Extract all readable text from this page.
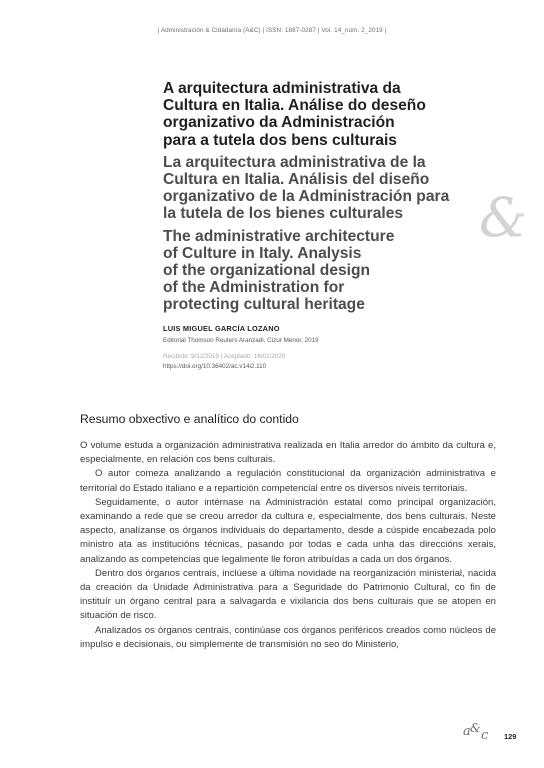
| Administración & Cidadanía (A&C) | ISSN: 1887-0287 | Vol. 14_núm. 2_2019 |
&
A arquitectura administrativa da
Cultura en Italia. Análise do deseño
organizativo da Administración
para a tutela dos bens culturais
La arquitectura administrativa de la
Cultura en Italia. Análisis del diseño
organizativo de la Administración para
la tutela de los bienes culturales
The administrative architecture
of Culture in Italy. Analysis
of the organizational design
of the Administration for
protecting cultural heritage

LUIS MIGUEL GARCÍA LOZANO

Editorial Thomson Reuters Aranzadi, Cizur Menor, 2019

Recibido: 9/12/2019 | Aceptado: 16/01/2020

https://doi.org/10.36402/ac.v14i2.110

Resumo obxectivo e analítico do contido

O volume estuda a organización administrativa realizada en Italia arredor do ámbito da cultura e, especialmente, en relación cos bens culturais.

O autor comeza analizando a regulación constitucional da organización administrativa e territorial do Estado italiano e a repartición competencial entre os diversos niveis territoriais.

Seguidamente, o autor intérnase na Administración estatal como principal organización, examinando a rede que se creou arredor da cultura e, especialmente, dos bens culturais. Neste aspecto, analízanse os órganos individuais do departamento, desde a cúspide encabezada polo ministro ata as institucións técnicas, pasando por todas e cada unha das direccións xerais, analizando as competencias que legalmente lle foron atribuídas a cada un dos órganos.

Dentro dos órganos centrais, inclúese a última novidade na reorganización ministerial, nacida da creación da Unidade Administrativa para a Seguridade do Patrimonio Cultural, co fin de instituír un órgano central para a salvagarda e vixilancia dos bens culturais que se atopen en situación de risco.

Analizados os órganos centrais, continúase cos órganos periféricos creados como núcleos de impulso e decisionais, ou simplemente de transmisión no seo do Ministerio,

a & c 129
